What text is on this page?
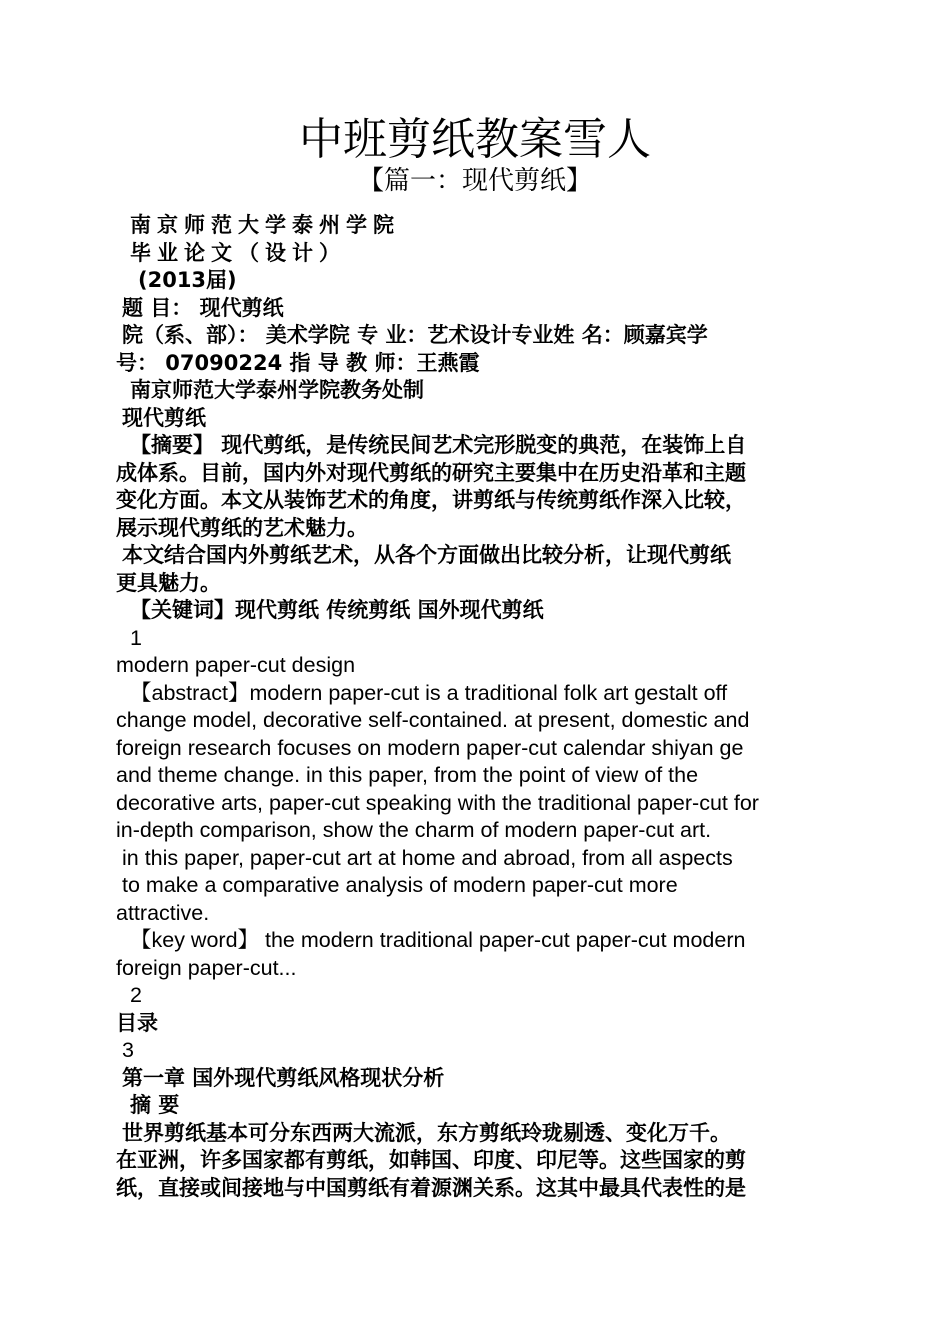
中班剪纸教案雪人
【篇一：现代剪纸】
南京师范大学泰州学院
毕业论文（设计）
(2013届)
题 目： 现代剪纸
院（系、部）： 美术学院 专 业：艺术设计专业姓 名：顾嘉宾学
号： 07090224 指 导 教 师：王燕霞
南京师范大学泰州学院教务处制
现代剪纸
【摘要】 现代剪纸，是传统民间艺术完形脱变的典范，在装饰上自
成体系。目前，国内外对现代剪纸的研究主要集中在历史沿革和主题
变化方面。本文从装饰艺术的角度，讲剪纸与传统剪纸作深入比较，
展示现代剪纸的艺术魅力。
本文结合国内外剪纸艺术，从各个方面做出比较分析，让现代剪纸
更具魅力。
【关键词】现代剪纸 传统剪纸 国外现代剪纸
1
modern paper-cut design
【abstract】modern paper-cut is a traditional folk art gestalt off
change model, decorative self-contained. at present, domestic and
foreign research focuses on modern paper-cut calendar shiyan ge
and theme change. in this paper, from the point of view of the
decorative arts, paper-cut speaking with the traditional paper-cut for
in-depth comparison, show the charm of modern paper-cut art.
in this paper, paper-cut art at home and abroad, from all aspects
to make a comparative analysis of modern paper-cut more
attractive.
【key word】 the modern traditional paper-cut paper-cut modern
foreign paper-cut...
2
目录
3
第一章 国外现代剪纸风格现状分析
摘 要
世界剪纸基本可分东西两大流派，东方剪纸玲珑剔透、变化万千。
在亚洲，许多国家都有剪纸，如韩国、印度、印尼等。这些国家的剪
纸，直接或间接地与中国剪纸有着源渊关系。这其中最具代表性的是
